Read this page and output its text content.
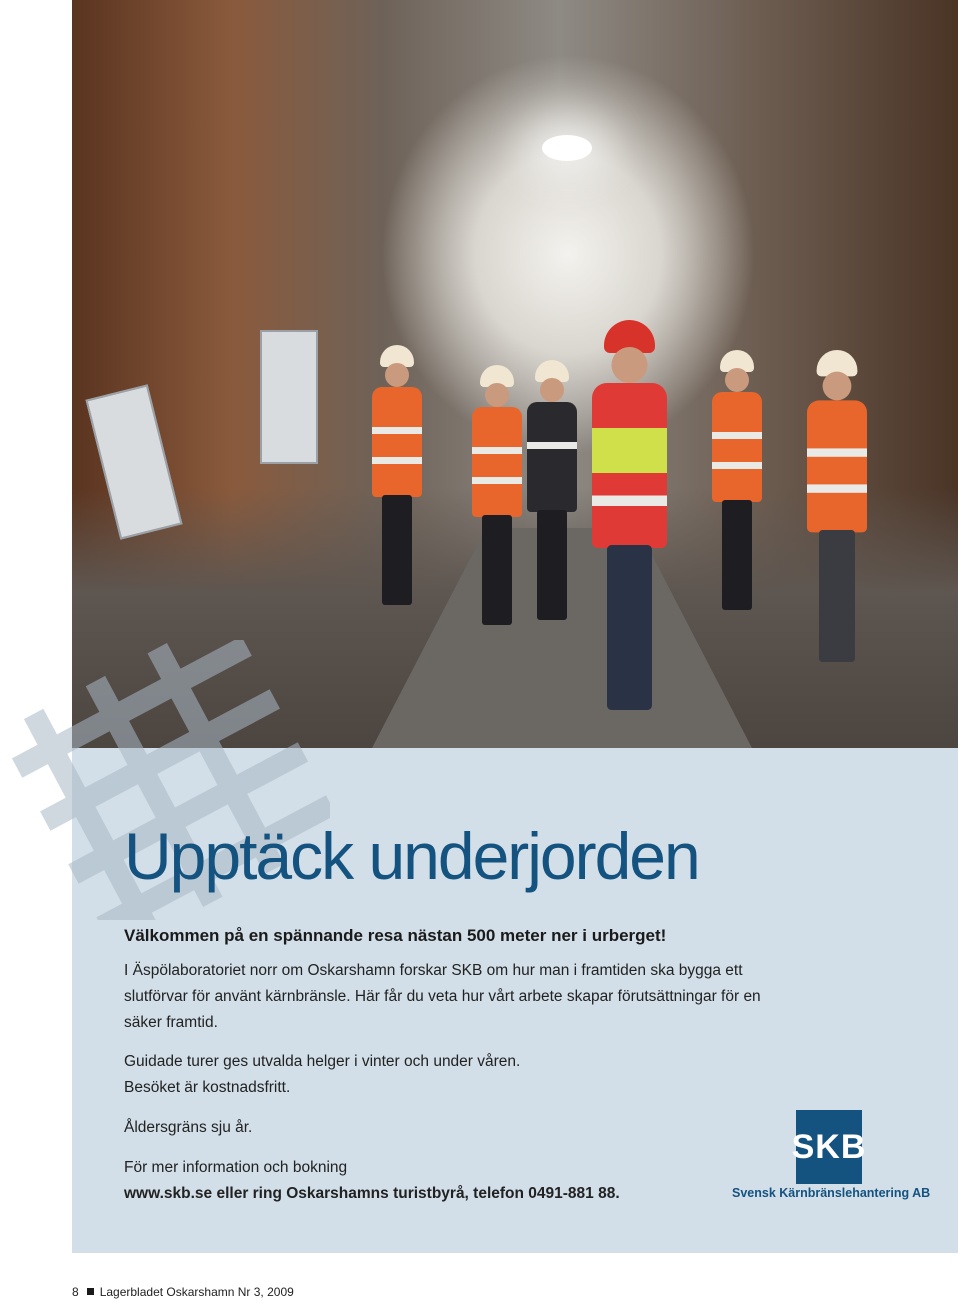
Upptäck underjorden

Välkommen på en spännande resa nästan 500 meter ner i urberget!

I Äspölaboratoriet norr om Oskarshamn forskar SKB om hur man i framtiden ska bygga ett slutförvar för använt kärnbränsle. Här får du veta hur vårt arbete skapar förutsättningar för en säker framtid.

Guidade turer ges utvalda helger i vinter och under våren.
Besöket är kostnadsfritt.

Åldersgräns sju år.

För mer information och bokning
www.skb.se eller ring Oskarshamns turistbyrå, telefon 0491-881 88.

SKB
Svensk Kärnbränslehantering AB
8 Lagerbladet Oskarshamn Nr 3, 2009
